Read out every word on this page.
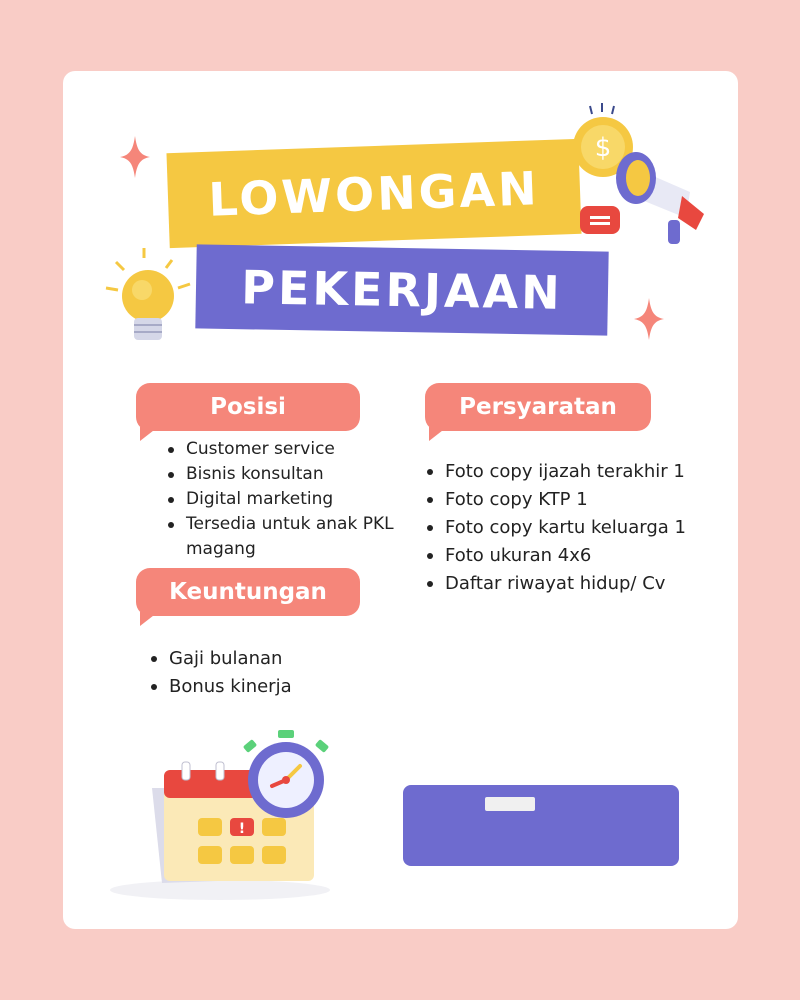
LOWONGAN
PEKERJAAN
$
Posisi	Persyaratan
Keuntungan
Customer service
Bisnis konsultan
Digital marketing
Tersedia untuk anak PKL magang
Gaji bulanan
Bonus kinerja
Foto copy ijazah terakhir 1
Foto copy KTP 1
Foto copy kartu keluarga 1
Foto ukuran 4x6
Daftar riwayat hidup/ Cv
!
